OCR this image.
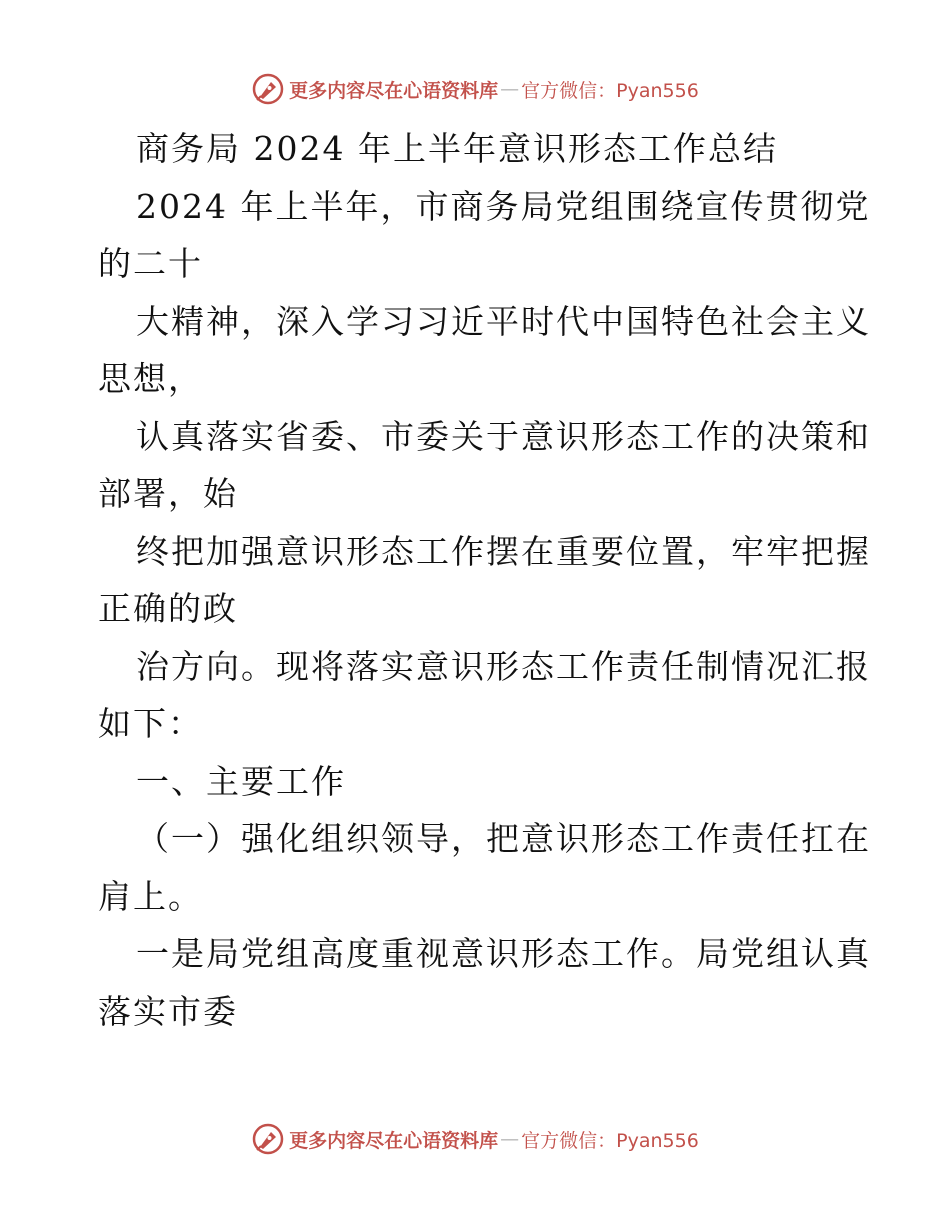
更多内容尽在心语资料库 — 官方微信：Pyan556
商务局 2024 年上半年意识形态工作总结
2024 年上半年，市商务局党组围绕宣传贯彻党
的二十
大精神，深入学习习近平时代中国特色社会主义
思想，
认真落实省委、市委关于意识形态工作的决策和
部署，始
终把加强意识形态工作摆在重要位置，牢牢把握
正确的政
治方向。现将落实意识形态工作责任制情况汇报
如下：
一、主要工作
（一）强化组织领导，把意识形态工作责任扛在
肩上。
一是局党组高度重视意识形态工作。局党组认真
落实市委
更多内容尽在心语资料库 — 官方微信：Pyan556
